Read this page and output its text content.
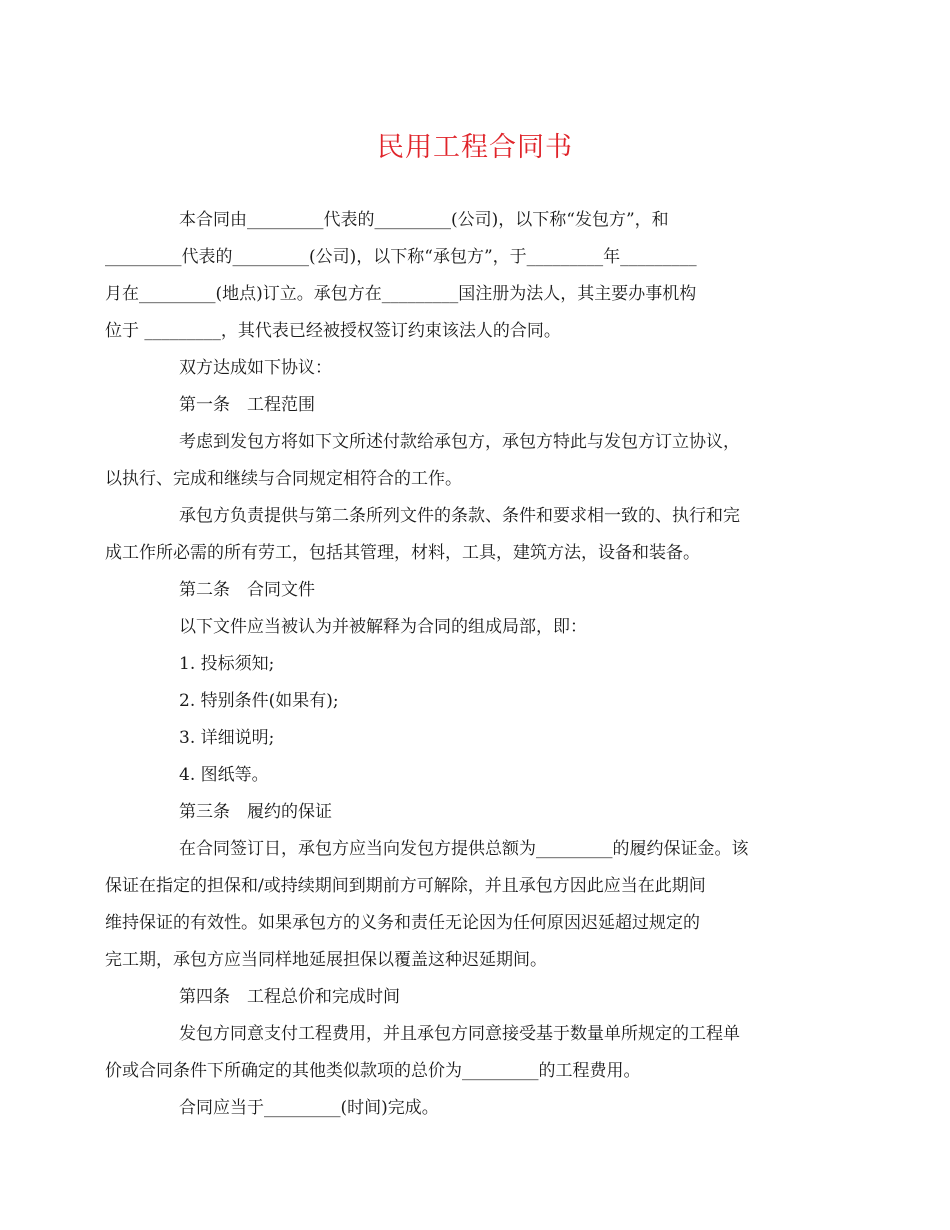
民用工程合同书

本合同由_________代表的_________(公司)，以下称“发包方”，和
_________代表的_________(公司)，以下称“承包方”，于_________年_________
月在_________(地点)订立。承包方在_________国注册为法人，其主要办事机构
位于 _________，其代表已经被授权签订约束该法人的合同。

双方达成如下协议：

第一条　工程范围

考虑到发包方将如下文所述付款给承包方，承包方特此与发包方订立协议，
以执行、完成和继续与合同规定相符合的工作。

承包方负责提供与第二条所列文件的条款、条件和要求相一致的、执行和完
成工作所必需的所有劳工，包括其管理，材料，工具，建筑方法，设备和装备。

第二条　合同文件

以下文件应当被认为并被解释为合同的组成局部，即：

1. 投标须知;

2. 特别条件(如果有);

3. 详细说明;

4. 图纸等。

第三条　履约的保证

在合同签订日，承包方应当向发包方提供总额为_________的履约保证金。该
保证在指定的担保和/或持续期间到期前方可解除，并且承包方因此应当在此期间
维持保证的有效性。如果承包方的义务和责任无论因为任何原因迟延超过规定的
完工期，承包方应当同样地延展担保以覆盖这种迟延期间。

第四条　工程总价和完成时间

发包方同意支付工程费用，并且承包方同意接受基于数量单所规定的工程单
价或合同条件下所确定的其他类似款项的总价为_________的工程费用。

合同应当于_________(时间)完成。
